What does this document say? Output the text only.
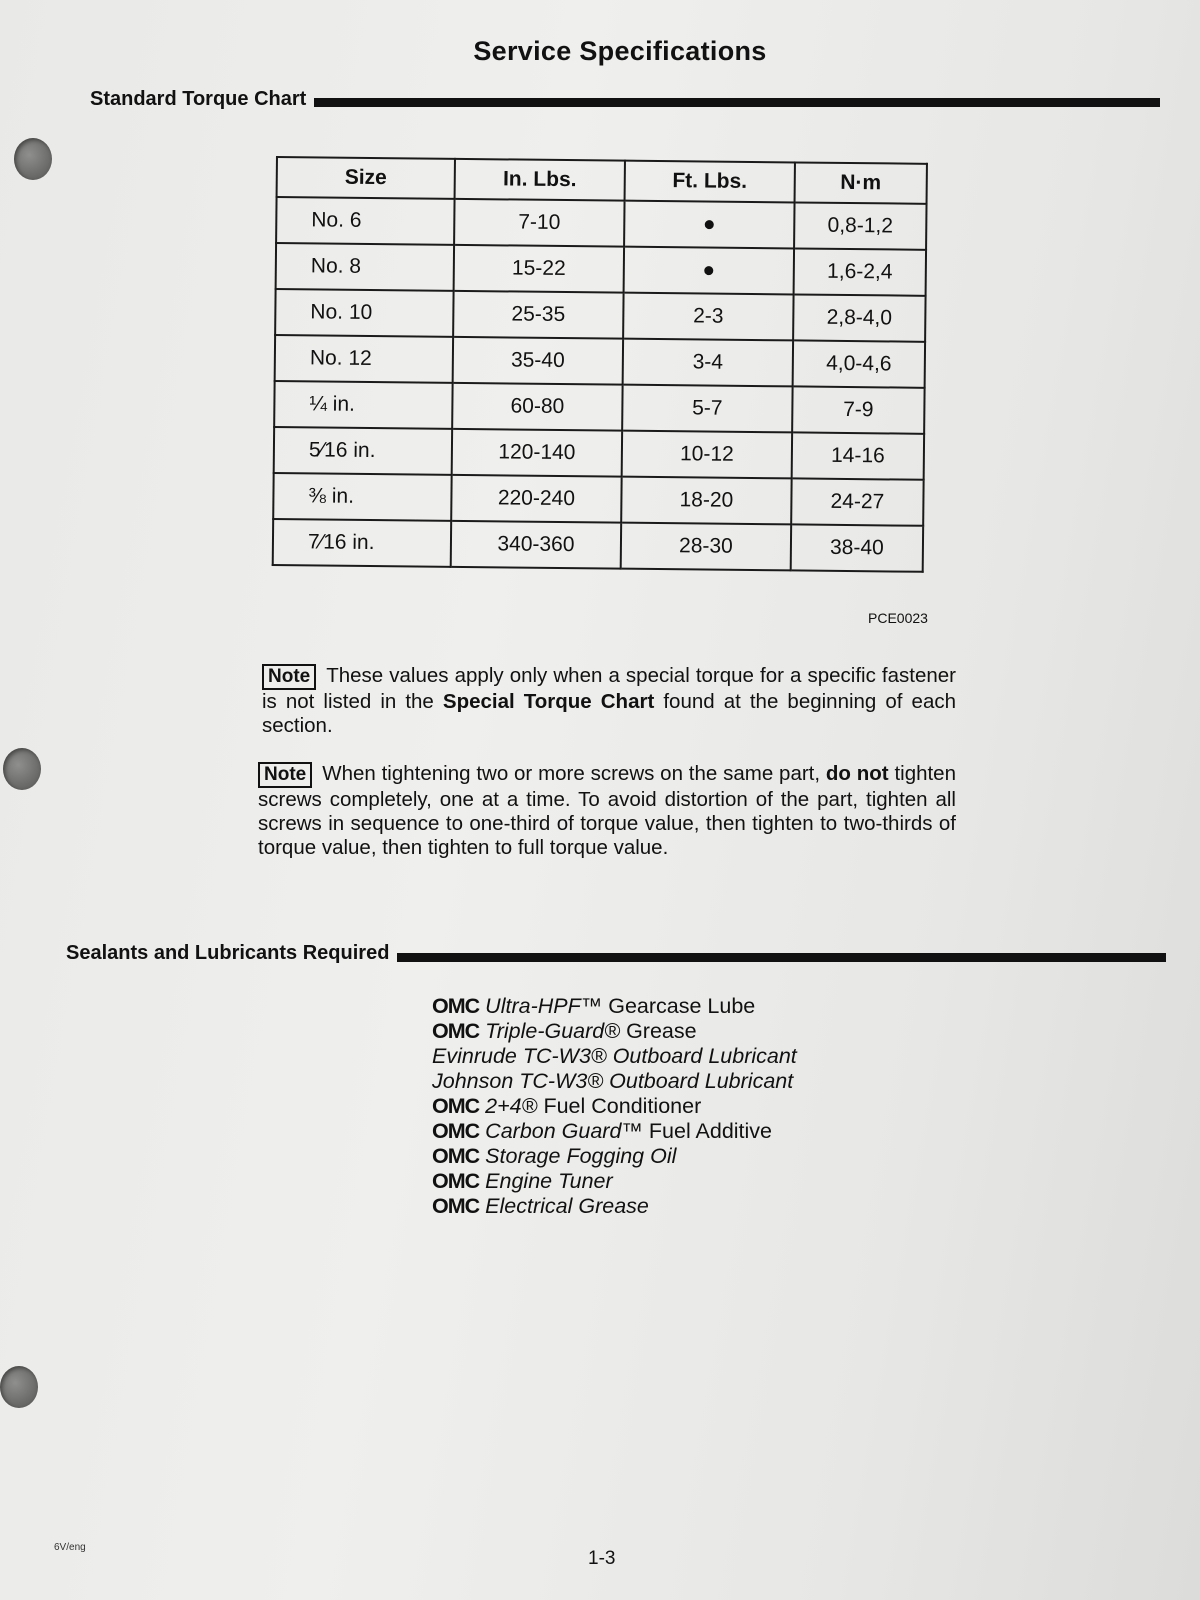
Service Specifications
Standard Torque Chart
Size	In. Lbs.	Ft. Lbs.	N·m
No. 6	7-10	●	0,8-1,2
No. 8	15-22	●	1,6-2,4
No. 10	25-35	2-3	2,8-4,0
No. 12	35-40	3-4	4,0-4,6
¼ in.	60-80	5-7	7-9
5⁄16 in.	120-140	10-12	14-16
⅜ in.	220-240	18-20	24-27
7⁄16 in.	340-360	28-30	38-40
PCE0023
Note These values apply only when a special torque for a specific fastener is not listed in the Special Torque Chart found at the beginning of each section.
Note When tightening two or more screws on the same part, do not tighten screws completely, one at a time. To avoid distortion of the part, tighten all screws in sequence to one-third of torque value, then tighten to two-thirds of torque value, then tighten to full torque value.
Sealants and Lubricants Required
OMC Ultra-HPF™ Gearcase Lube
OMC Triple-Guard® Grease
Evinrude TC-W3® Outboard Lubricant
Johnson TC-W3® Outboard Lubricant
OMC 2+4® Fuel Conditioner
OMC Carbon Guard™ Fuel Additive
OMC Storage Fogging Oil
OMC Engine Tuner
OMC Electrical Grease
6V/eng
1-3
